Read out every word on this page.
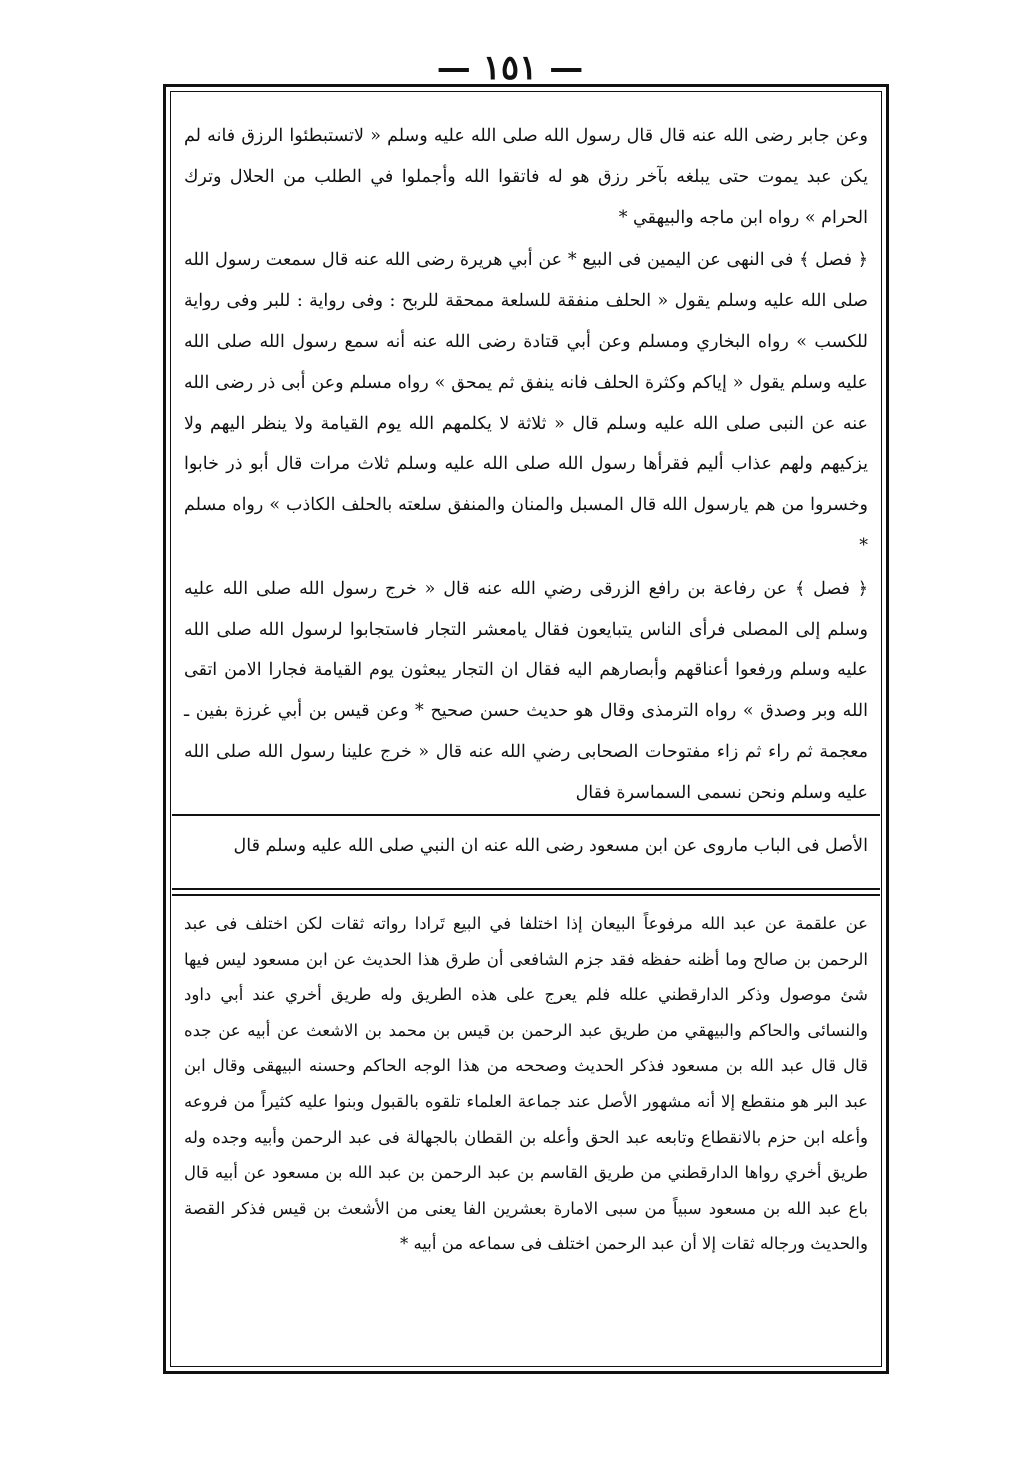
— ١٥١ —

وعن جابر رضى الله عنه قال قال رسول الله صلى الله عليه وسلم « لاتستبطئوا الرزق فانه لم يكن عبد يموت حتى يبلغه بآخر رزق هو له فاتقوا الله وأجملوا في الطلب من الحلال وترك الحرام » رواه ابن ماجه والبيهقي *

﴿ فصل ﴾ فى النهى عن اليمين فى البيع * عن أبي هريرة رضى الله عنه قال سمعت رسول الله صلى الله عليه وسلم يقول « الحلف منفقة للسلعة ممحقة للربح : وفى رواية : للبر وفى رواية للكسب » رواه البخاري ومسلم وعن أبي قتادة رضى الله عنه أنه سمع رسول الله صلى الله عليه وسلم يقول « إياكم وكثرة الحلف فانه ينفق ثم يمحق » رواه مسلم وعن أبى ذر رضى الله عنه عن النبى صلى الله عليه وسلم قال « ثلاثة لا يكلمهم الله يوم القيامة ولا ينظر اليهم ولا يزكيهم ولهم عذاب أليم فقرأها رسول الله صلى الله عليه وسلم ثلاث مرات قال أبو ذر خابوا وخسروا من هم يارسول الله قال المسبل والمنان والمنفق سلعته بالحلف الكاذب » رواه مسلم *

﴿ فصل ﴾ عن رفاعة بن رافع الزرقى رضي الله عنه قال « خرج رسول الله صلى الله عليه وسلم إلى المصلى فرأى الناس يتبايعون فقال يامعشر التجار فاستجابوا لرسول الله صلى الله عليه وسلم ورفعوا أعناقهم وأبصارهم اليه فقال ان التجار يبعثون يوم القيامة فجارا الامن اتقى الله وبر وصدق » رواه الترمذى وقال هو حديث حسن صحيح * وعن قيس بن أبي غرزة بفين ـ معجمة ثم راء ثم زاء مفتوحات الصحابى رضي الله عنه قال « خرج علينا رسول الله صلى الله عليه وسلم ونحن نسمى السماسرة فقال

الأصل فى الباب ماروى عن ابن مسعود رضى الله عنه ان النبي صلى الله عليه وسلم قال

عن علقمة عن عبد الله مرفوعاً البيعان إذا اختلفا في البيع تَرادا رواته ثقات لكن اختلف فى عبد الرحمن بن صالح وما أظنه حفظه فقد جزم الشافعى أن طرق هذا الحديث عن ابن مسعود ليس فيها شئ موصول وذكر الدارقطني علله فلم يعرج على هذه الطريق وله طريق أخري عند أبي داود والنسائى والحاكم والبيهقي من طريق عبد الرحمن بن قيس بن محمد بن الاشعث عن أبيه عن جده قال قال عبد الله بن مسعود فذكر الحديث وصححه من هذا الوجه الحاكم وحسنه البيهقى وقال ابن عبد البر هو منقطع إلا أنه مشهور الأصل عند جماعة العلماء تلقوه بالقبول وبنوا عليه كثيراً من فروعه وأعله ابن حزم بالانقطاع وتابعه عبد الحق وأعله بن القطان بالجهالة فى عبد الرحمن وأبيه وجده وله طريق أخري رواها الدارقطني من طريق القاسم بن عبد الرحمن بن عبد الله بن مسعود عن أبيه قال باع عبد الله بن مسعود سبياً من سبى الامارة بعشرين الفا يعنى من الأشعث بن قيس فذكر القصة والحديث ورجاله ثقات إلا أن عبد الرحمن اختلف فى سماعه من أبيه *
